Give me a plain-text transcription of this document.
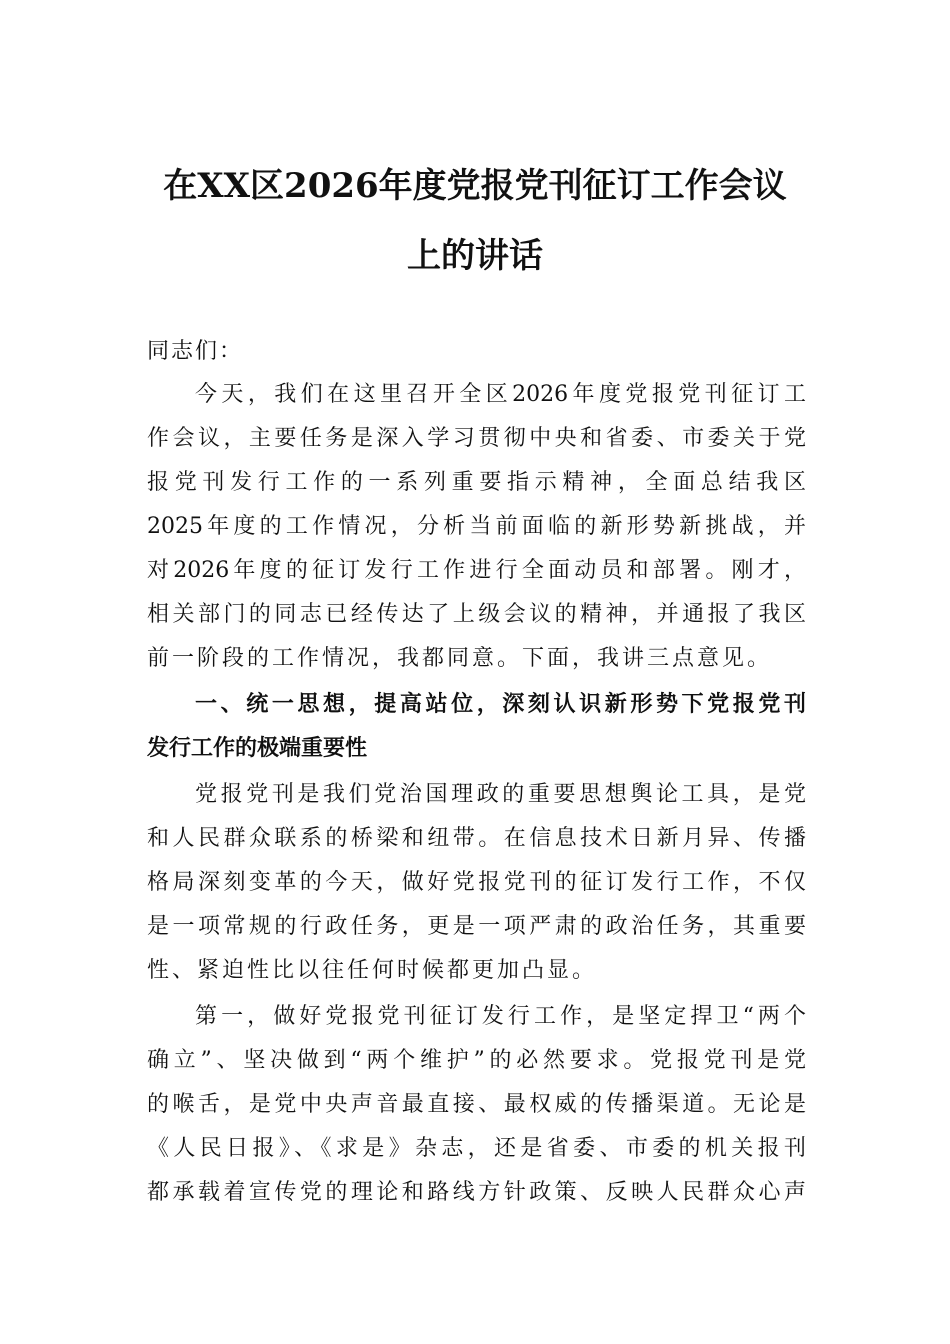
在XX区2026年度党报党刊征订工作会议
上的讲话
同志们：
今天，我们在这里召开全区2026年度党报党刊征订工
作会议，主要任务是深入学习贯彻中央和省委、市委关于党
报党刊发行工作的一系列重要指示精神，全面总结我区
2025年度的工作情况，分析当前面临的新形势新挑战，并
对2026年度的征订发行工作进行全面动员和部署。刚才，
相关部门的同志已经传达了上级会议的精神，并通报了我区
前一阶段的工作情况，我都同意。下面，我讲三点意见。
一、统一思想，提高站位，深刻认识新形势下党报党刊
发行工作的极端重要性
党报党刊是我们党治国理政的重要思想舆论工具，是党
和人民群众联系的桥梁和纽带。在信息技术日新月异、传播
格局深刻变革的今天，做好党报党刊的征订发行工作，不仅
是一项常规的行政任务，更是一项严肃的政治任务，其重要
性、紧迫性比以往任何时候都更加凸显。
第一，做好党报党刊征订发行工作，是坚定捍卫“两个
确立”、坚决做到“两个维护”的必然要求。党报党刊是党
的喉舌，是党中央声音最直接、最权威的传播渠道。无论是
《人民日报》、《求是》杂志，还是省委、市委的机关报刊
都承载着宣传党的理论和路线方针政策、反映人民群众心声
